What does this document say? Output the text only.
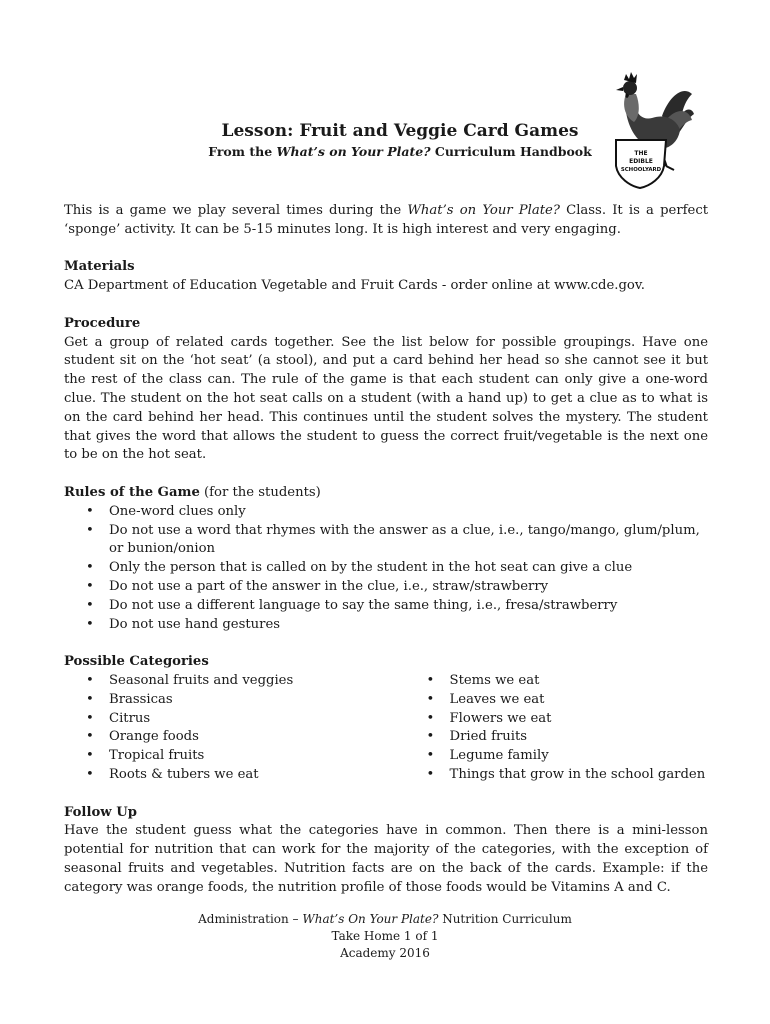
THE
EDIBLE
SCHOOLYARD

Lesson: Fruit and Veggie Card Games

From the What’s on Your Plate? Curriculum Handbook

This is a game we play several times during the What’s on Your Plate? Class. It is a perfect ‘sponge’ activity. It can be 5-15 minutes long. It is high interest and very engaging.

Materials

CA Department of Education Vegetable and Fruit Cards - order online at www.cde.gov.

Procedure

Get a group of related cards together. See the list below for possible groupings. Have one student sit on the ‘hot seat’ (a stool), and put a card behind her head so she cannot see it but the rest of the class can. The rule of the game is that each student can only give a one-word clue. The student on the hot seat calls on a student (with a hand up) to get a clue as to what is on the card behind her head. This continues until the student solves the mystery. The student that gives the word that allows the student to guess the correct fruit/vegetable is the next one to be on the hot seat.

Rules of the Game (for the students)

• One-word clues only
• Do not use a word that rhymes with the answer as a clue, i.e., tango/mango, glum/plum, or bunion/onion
• Only the person that is called on by the student in the hot seat can give a clue
• Do not use a part of the answer in the clue, i.e., straw/strawberry
• Do not use a different language to say the same thing, i.e., fresa/strawberry
• Do not use hand gestures

Possible Categories

• Seasonal fruits and veggies
• Brassicas
• Citrus
• Orange foods
• Tropical fruits
• Roots & tubers we eat
• Stems we eat
• Leaves we eat
• Flowers we eat
• Dried fruits
• Legume family
• Things that grow in the school garden

Follow Up

Have the student guess what the categories have in common. Then there is a mini-lesson potential for nutrition that can work for the majority of the categories, with the exception of seasonal fruits and vegetables. Nutrition facts are on the back of the cards. Example: if the category was orange foods, the nutrition profile of those foods would be Vitamins A and C.

Administration – What’s On Your Plate? Nutrition Curriculum

Take Home 1 of 1

Academy 2016
